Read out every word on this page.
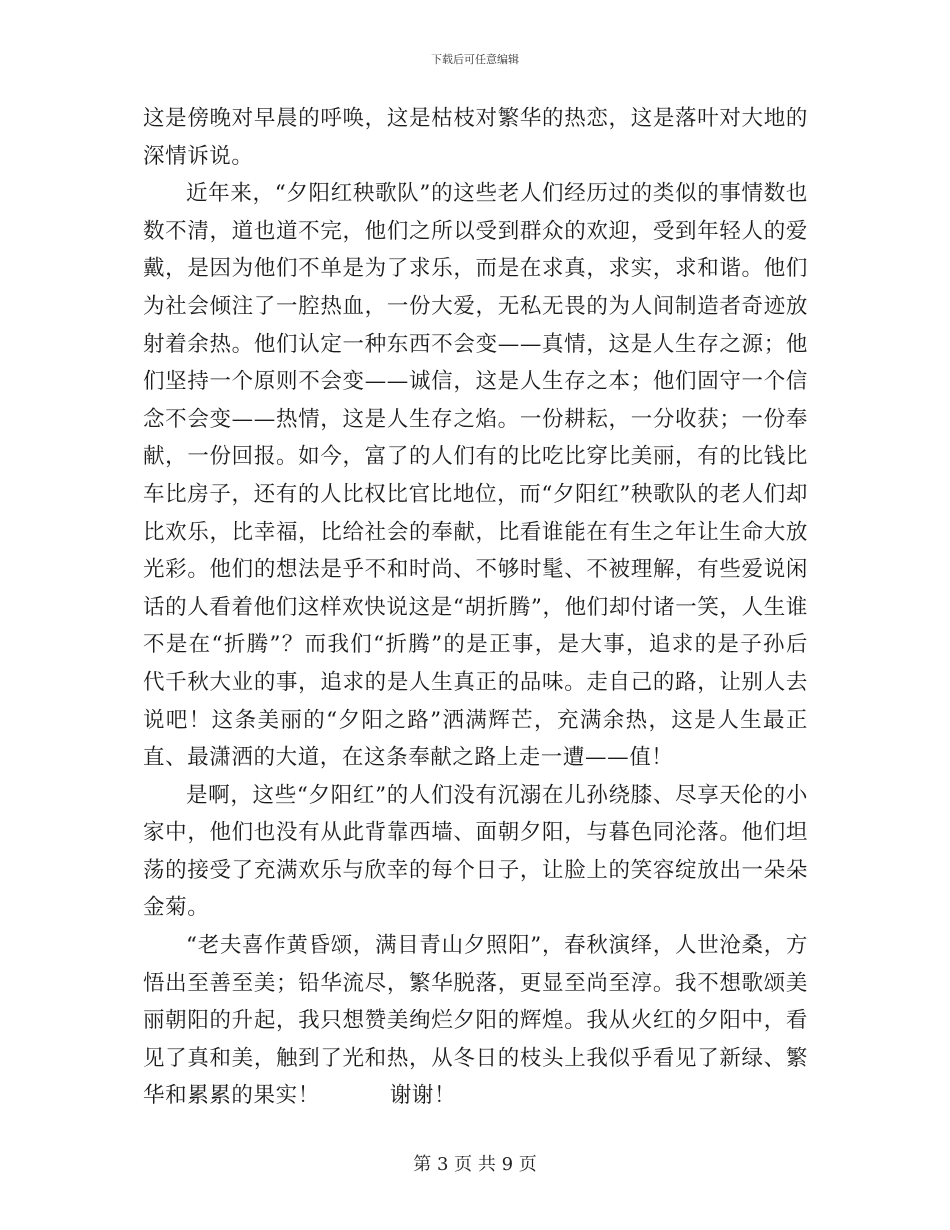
下载后可任意编辑

这是傍晚对早晨的呼唤，这是枯枝对繁华的热恋，这是落叶对大地的深情诉说。

近年来，“夕阳红秧歌队”的这些老人们经历过的类似的事情数也数不清，道也道不完，他们之所以受到群众的欢迎，受到年轻人的爱戴，是因为他们不单是为了求乐，而是在求真，求实，求和谐。他们为社会倾注了一腔热血，一份大爱，无私无畏的为人间制造者奇迹放射着余热。他们认定一种东西不会变——真情，这是人生存之源；他们坚持一个原则不会变——诚信，这是人生存之本；他们固守一个信念不会变——热情，这是人生存之焰。一份耕耘，一分收获；一份奉献，一份回报。如今，富了的人们有的比吃比穿比美丽，有的比钱比车比房子，还有的人比权比官比地位，而“夕阳红”秧歌队的老人们却比欢乐，比幸福，比给社会的奉献，比看谁能在有生之年让生命大放光彩。他们的想法是乎不和时尚、不够时髦、不被理解，有些爱说闲话的人看着他们这样欢快说这是“胡折腾”，他们却付诸一笑，人生谁不是在“折腾”？而我们“折腾”的是正事，是大事，追求的是子孙后代千秋大业的事，追求的是人生真正的品味。走自己的路，让别人去说吧！这条美丽的“夕阳之路”洒满辉芒，充满余热，这是人生最正直、最潇洒的大道，在这条奉献之路上走一遭——值！

是啊，这些“夕阳红”的人们没有沉溺在儿孙绕膝、尽享天伦的小家中，他们也没有从此背靠西墙、面朝夕阳，与暮色同沦落。他们坦荡的接受了充满欢乐与欣幸的每个日子，让脸上的笑容绽放出一朵朵金菊。

“老夫喜作黄昏颂，满目青山夕照阳”，春秋演绎，人世沧桑，方悟出至善至美；铅华流尽，繁华脱落，更显至尚至淳。我不想歌颂美丽朝阳的升起，我只想赞美绚烂夕阳的辉煌。我从火红的夕阳中，看见了真和美，触到了光和热，从冬日的枝头上我似乎看见了新绿、繁华和累累的果实！	谢谢！

第 3 页 共 9 页
